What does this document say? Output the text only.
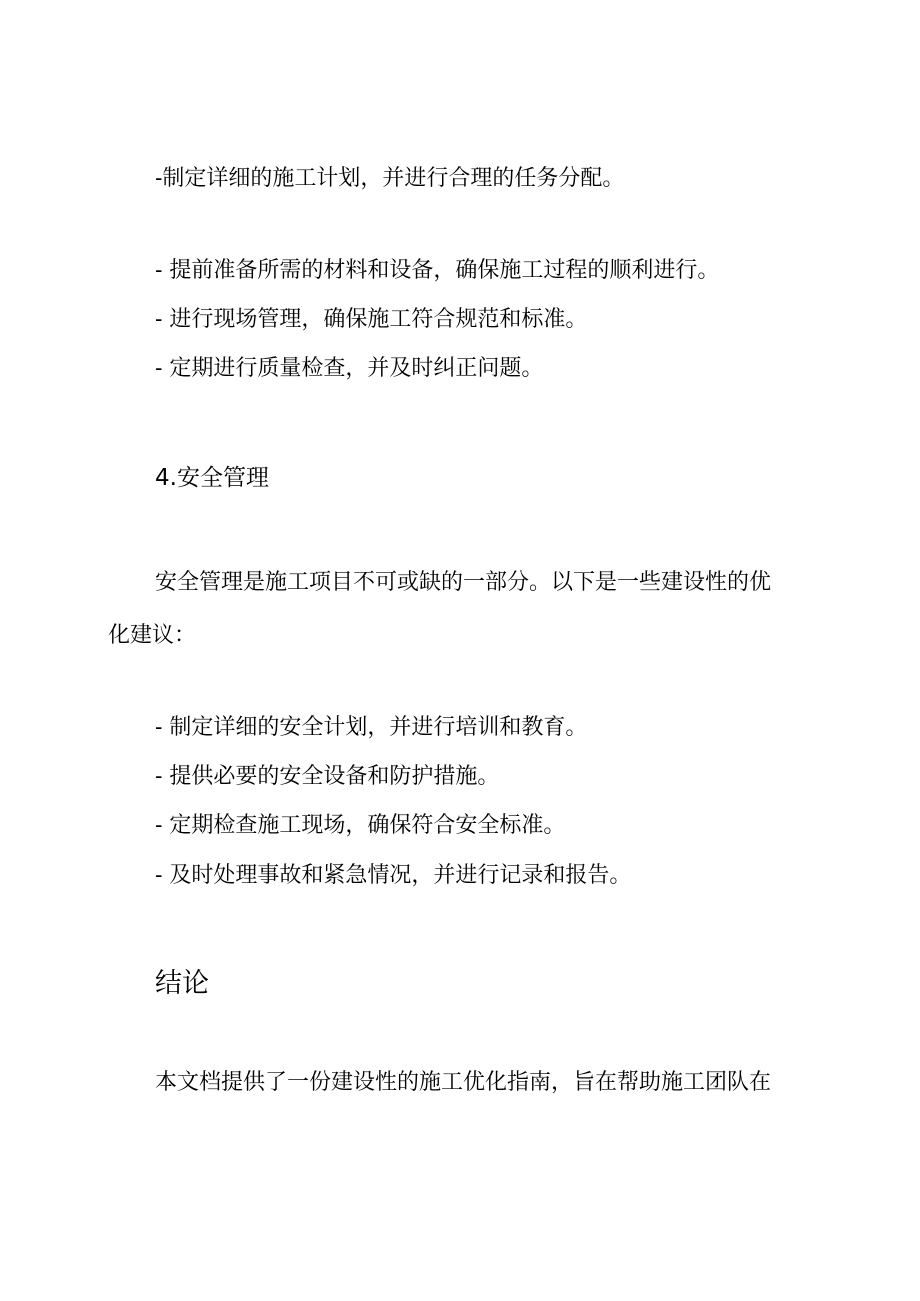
-制定详细的施工计划，并进行合理的任务分配。
- 提前准备所需的材料和设备，确保施工过程的顺利进行。
- 进行现场管理，确保施工符合规范和标准。
- 定期进行质量检查，并及时纠正问题。
4.安全管理
安全管理是施工项目不可或缺的一部分。以下是一些建设性的优
化建议：
- 制定详细的安全计划，并进行培训和教育。
- 提供必要的安全设备和防护措施。
- 定期检查施工现场，确保符合安全标准。
- 及时处理事故和紧急情况，并进行记录和报告。
结论
本文档提供了一份建设性的施工优化指南，旨在帮助施工团队在
